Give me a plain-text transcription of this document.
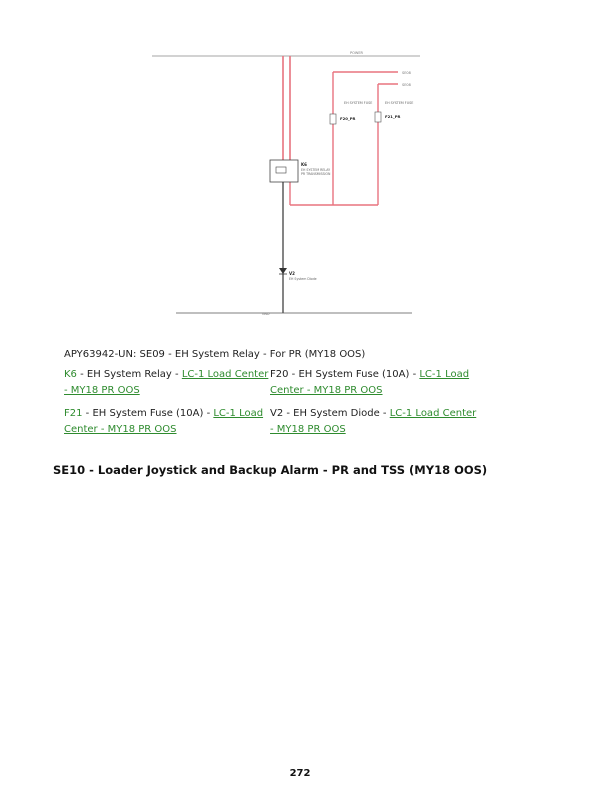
POWER
SE08
SE08
EH SYSTEM FUSE
F20_PR
EH SYSTEM FUSE
F21_PR
K6
EH SYSTEM RELAY
PR TRANSMISSION
V2
EH System Diode
GND
APY63942-UN: SE09 - EH System Relay - For PR (MY18 OOS)
K6 - EH System Relay - LC-1 Load Center - MY18 PR OOS
F20 - EH System Fuse (10A) - LC-1 Load Center - MY18 PR OOS
F21 - EH System Fuse (10A) - LC-1 Load Center - MY18 PR OOS
V2 - EH System Diode - LC-1 Load Center - MY18 PR OOS
SE10 - Loader Joystick and Backup Alarm - PR and TSS (MY18 OOS)
272
